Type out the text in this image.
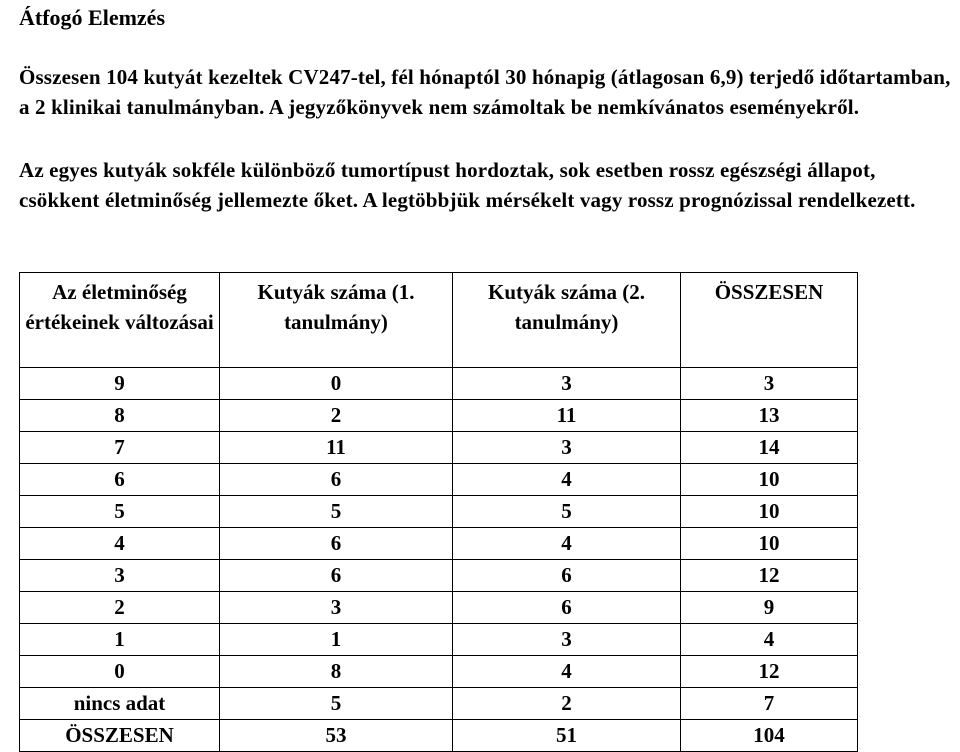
Átfogó Elemzés

Összesen 104 kutyát kezeltek CV247-tel, fél hónaptól 30 hónapig (átlagosan 6,9) terjedő időtartamban, a 2 klinikai tanulmányban. A jegyzőkönyvek nem számoltak be nemkívánatos eseményekről.

Az egyes kutyák sokféle különböző tumortípust hordoztak, sok esetben rossz egészségi állapot, csökkent életminőség jellemezte őket. A legtöbbjük mérsékelt vagy rossz prognózissal rendelkezett.

Az életminőség értékeinek változásai	Kutyák száma (1. tanulmány)	Kutyák száma (2. tanulmány)	ÖSSZESEN
9	0	3	3
8	2	11	13
7	11	3	14
6	6	4	10
5	5	5	10
4	6	4	10
3	6	6	12
2	3	6	9
1	1	3	4
0	8	4	12
nincs adat	5	2	7
ÖSSZESEN	53	51	104
